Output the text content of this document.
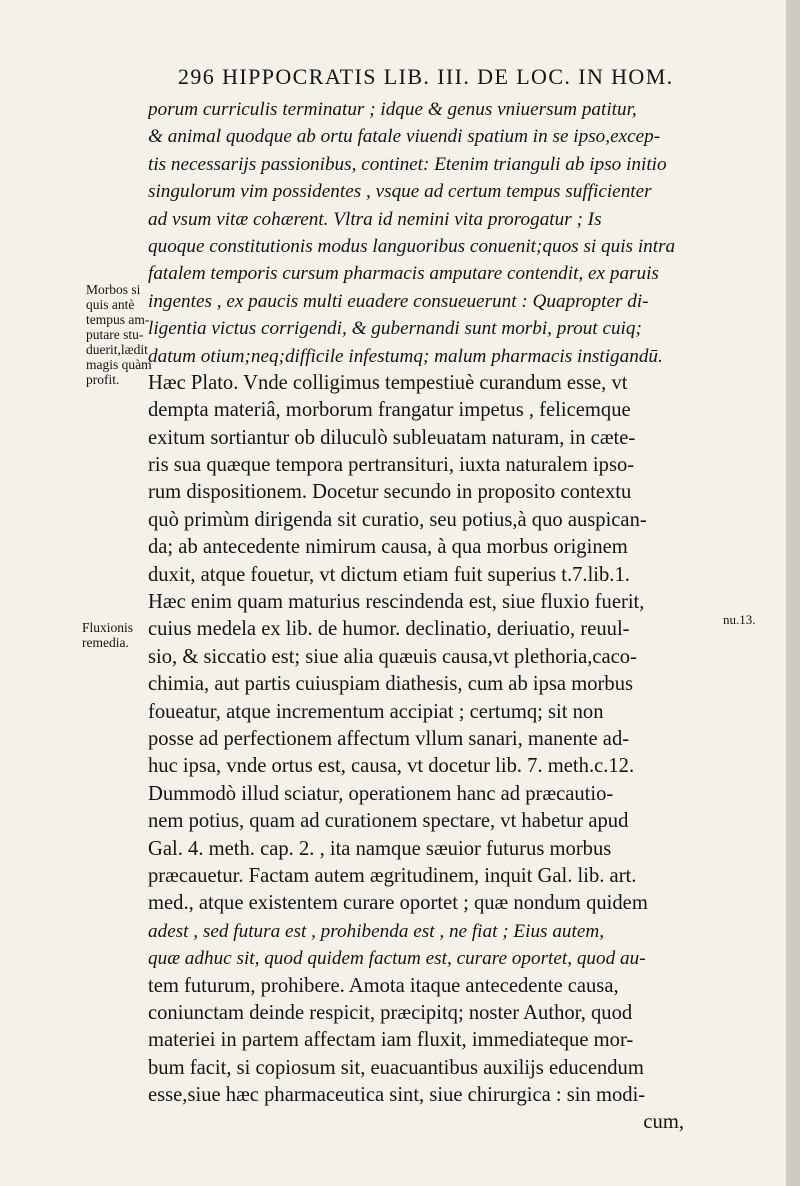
296 HIPPOCRATIS LIB. III. DE LOC. IN HOM.
porum curriculis terminatur ; idque & genus vniuersum patitur,
& animal quodque ab ortu fatale viuendi spatium in se ipso,excep-
tis necessarijs passionibus, continet: Etenim trianguli ab ipso initio
singulorum vim possidentes , vsque ad certum tempus sufficienter
ad vsum vitæ cohærent. Vltra id nemini vita prorogatur ; Is
quoque constitutionis modus languoribus conuenit;quos si quis intra
fatalem temporis cursum pharmacis amputare contendit, ex paruis
ingentes , ex paucis multi euadere consueuerunt : Quapropter di-
ligentia victus corrigendi, & gubernandi sunt morbi, prout cuiq;
datum otium;neq;difficile infestumq; malum pharmacis instigandū.
Hæc Plato. Vnde colligimus tempestiuè curandum esse, vt
dempta materiâ, morborum frangatur impetus , felicemque
exitum sortiantur ob diluculò subleuatam naturam, in cæte-
ris sua quæque tempora pertransituri, iuxta naturalem ipso-
rum dispositionem. Docetur secundo in proposito contextu
quò primùm dirigenda sit curatio, seu potius,à quo auspican-
da; ab antecedente nimirum causa, à qua morbus originem
duxit, atque fouetur, vt dictum etiam fuit superius t.7.lib.1.
Hæc enim quam maturius rescindenda est, siue fluxio fuerit,
cuius medela ex lib. de humor. declinatio, deriuatio, reuul-
sio, & siccatio est; siue alia quæuis causa,vt plethoria,caco-
chimia, aut partis cuiuspiam diathesis, cum ab ipsa morbus
foueatur, atque incrementum accipiat ; certumq; sit non
posse ad perfectionem affectum vllum sanari, manente ad-
huc ipsa, vnde ortus est, causa, vt docetur lib. 7. meth.c.12.
Dummodò illud sciatur, operationem hanc ad præcautio-
nem potius, quam ad curationem spectare, vt habetur apud
Gal. 4. meth. cap. 2. , ita namque sæuior futurus morbus
præcauetur. Factam autem ægritudinem, inquit Gal. lib. art.
med., atque existentem curare oportet ; quæ nondum quidem
adest , sed futura est , prohibenda est , ne fiat ; Eius autem,
quæ adhuc sit, quod quidem factum est, curare oportet, quod au-
tem futurum, prohibere. Amota itaque antecedente causa,
coniunctam deinde respicit, præcipitq; noster Author, quod
materiei in partem affectam iam fluxit, immediateque mor-
bum facit, si copiosum sit, euacuantibus auxilijs educendum
esse,siue hæc pharmaceutica sint, siue chirurgica : sin modi-
cum,
Morbos si
quis antè
tempus am-
putare stu-
duerit,lædit
magis quàm
profit.
Fluxionis
remedia.
nu.13.
